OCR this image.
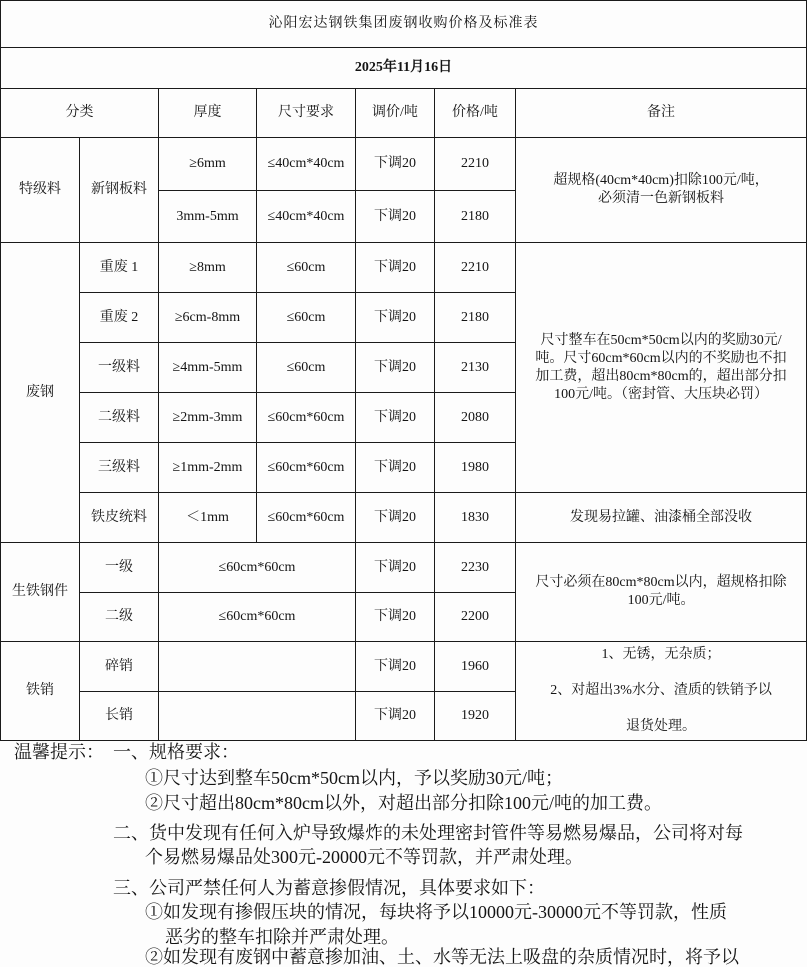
沁阳宏达钢铁集团废钢收购价格及标准表						
2025年11月16日						
分类		厚度	尺寸要求	调价/吨	价格/吨	备注
特级料	新钢板料	≥6mm	≤40cm*40cm	下调20	2210	超规格(40cm*40cm)扣除100元/吨，
必须清一色新钢板料

		3mm-5mm	≤40cm*40cm	下调20	2180	
废钢	重废 1	≥8mm	≤60cm	下调20	2210	尺寸整车在50cm*50cm以内的奖励30元/
吨。尺寸60cm*60cm以内的不奖励也不扣
加工费，超出80cm*80cm的，超出部分扣
100元/吨。（密封管、大压块必罚）

	重废 2	≥6cm-8mm	≤60cm	下调20	2180	
	一级料	≥4mm-5mm	≤60cm	下调20	2130	
	二级料	≥2mm-3mm	≤60cm*60cm	下调20	2080	
	三级料	≥1mm-2mm	≤60cm*60cm	下调20	1980	
	铁皮统料	＜1mm	≤60cm*60cm	下调20	1830	发现易拉罐、油漆桶全部没收
生铁钢件	一级	≤60cm*60cm		下调20	2230	尺寸必须在80cm*80cm以内，超规格扣除
100元/吨。

	二级	≤60cm*60cm		下调20	2200	
铁销	碎销			下调20	1960	1、无锈，无杂质；
2、对超出3%水分、渣质的铁销予以
退货处理。

	长销			下调20	1920	
温馨提示： 一、规格要求：
①尺寸达到整车50cm*50cm以内，予以奖励30元/吨；
②尺寸超出80cm*80cm以外，对超出部分扣除100元/吨的加工费。
二、货中发现有任何入炉导致爆炸的未处理密封管件等易燃易爆品，公司将对每
个易燃易爆品处300元-20000元不等罚款，并严肃处理。
三、公司严禁任何人为蓄意掺假情况，具体要求如下：
①如发现有掺假压块的情况，每块将予以10000元-30000元不等罚款，性质
恶劣的整车扣除并严肃处理。
②如发现有废钢中蓄意掺加油、土、水等无法上吸盘的杂质情况时，将予以
